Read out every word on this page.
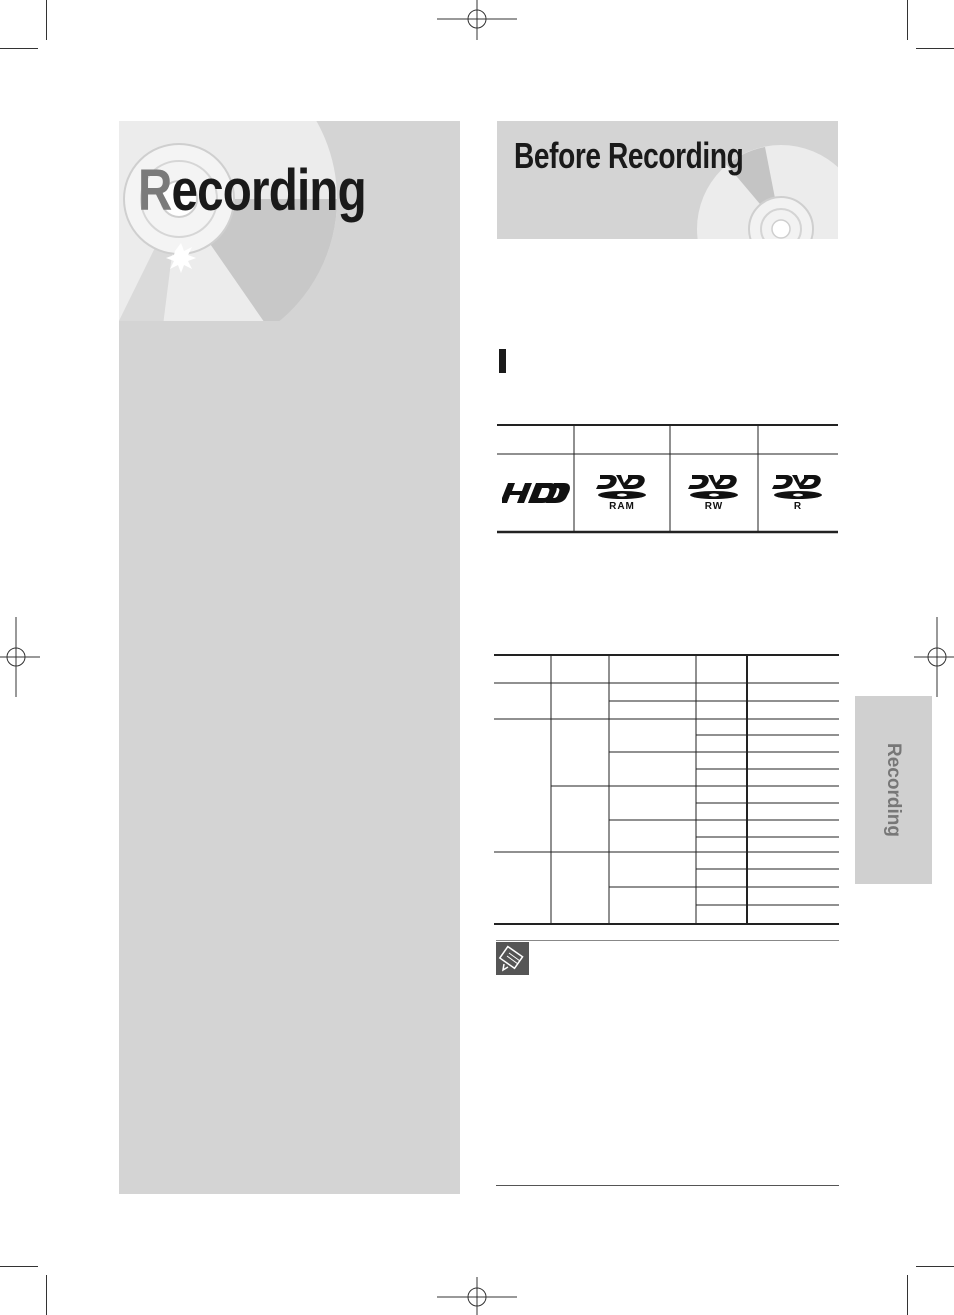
Recording
Before Recording
RAM	RW	R
Recording
